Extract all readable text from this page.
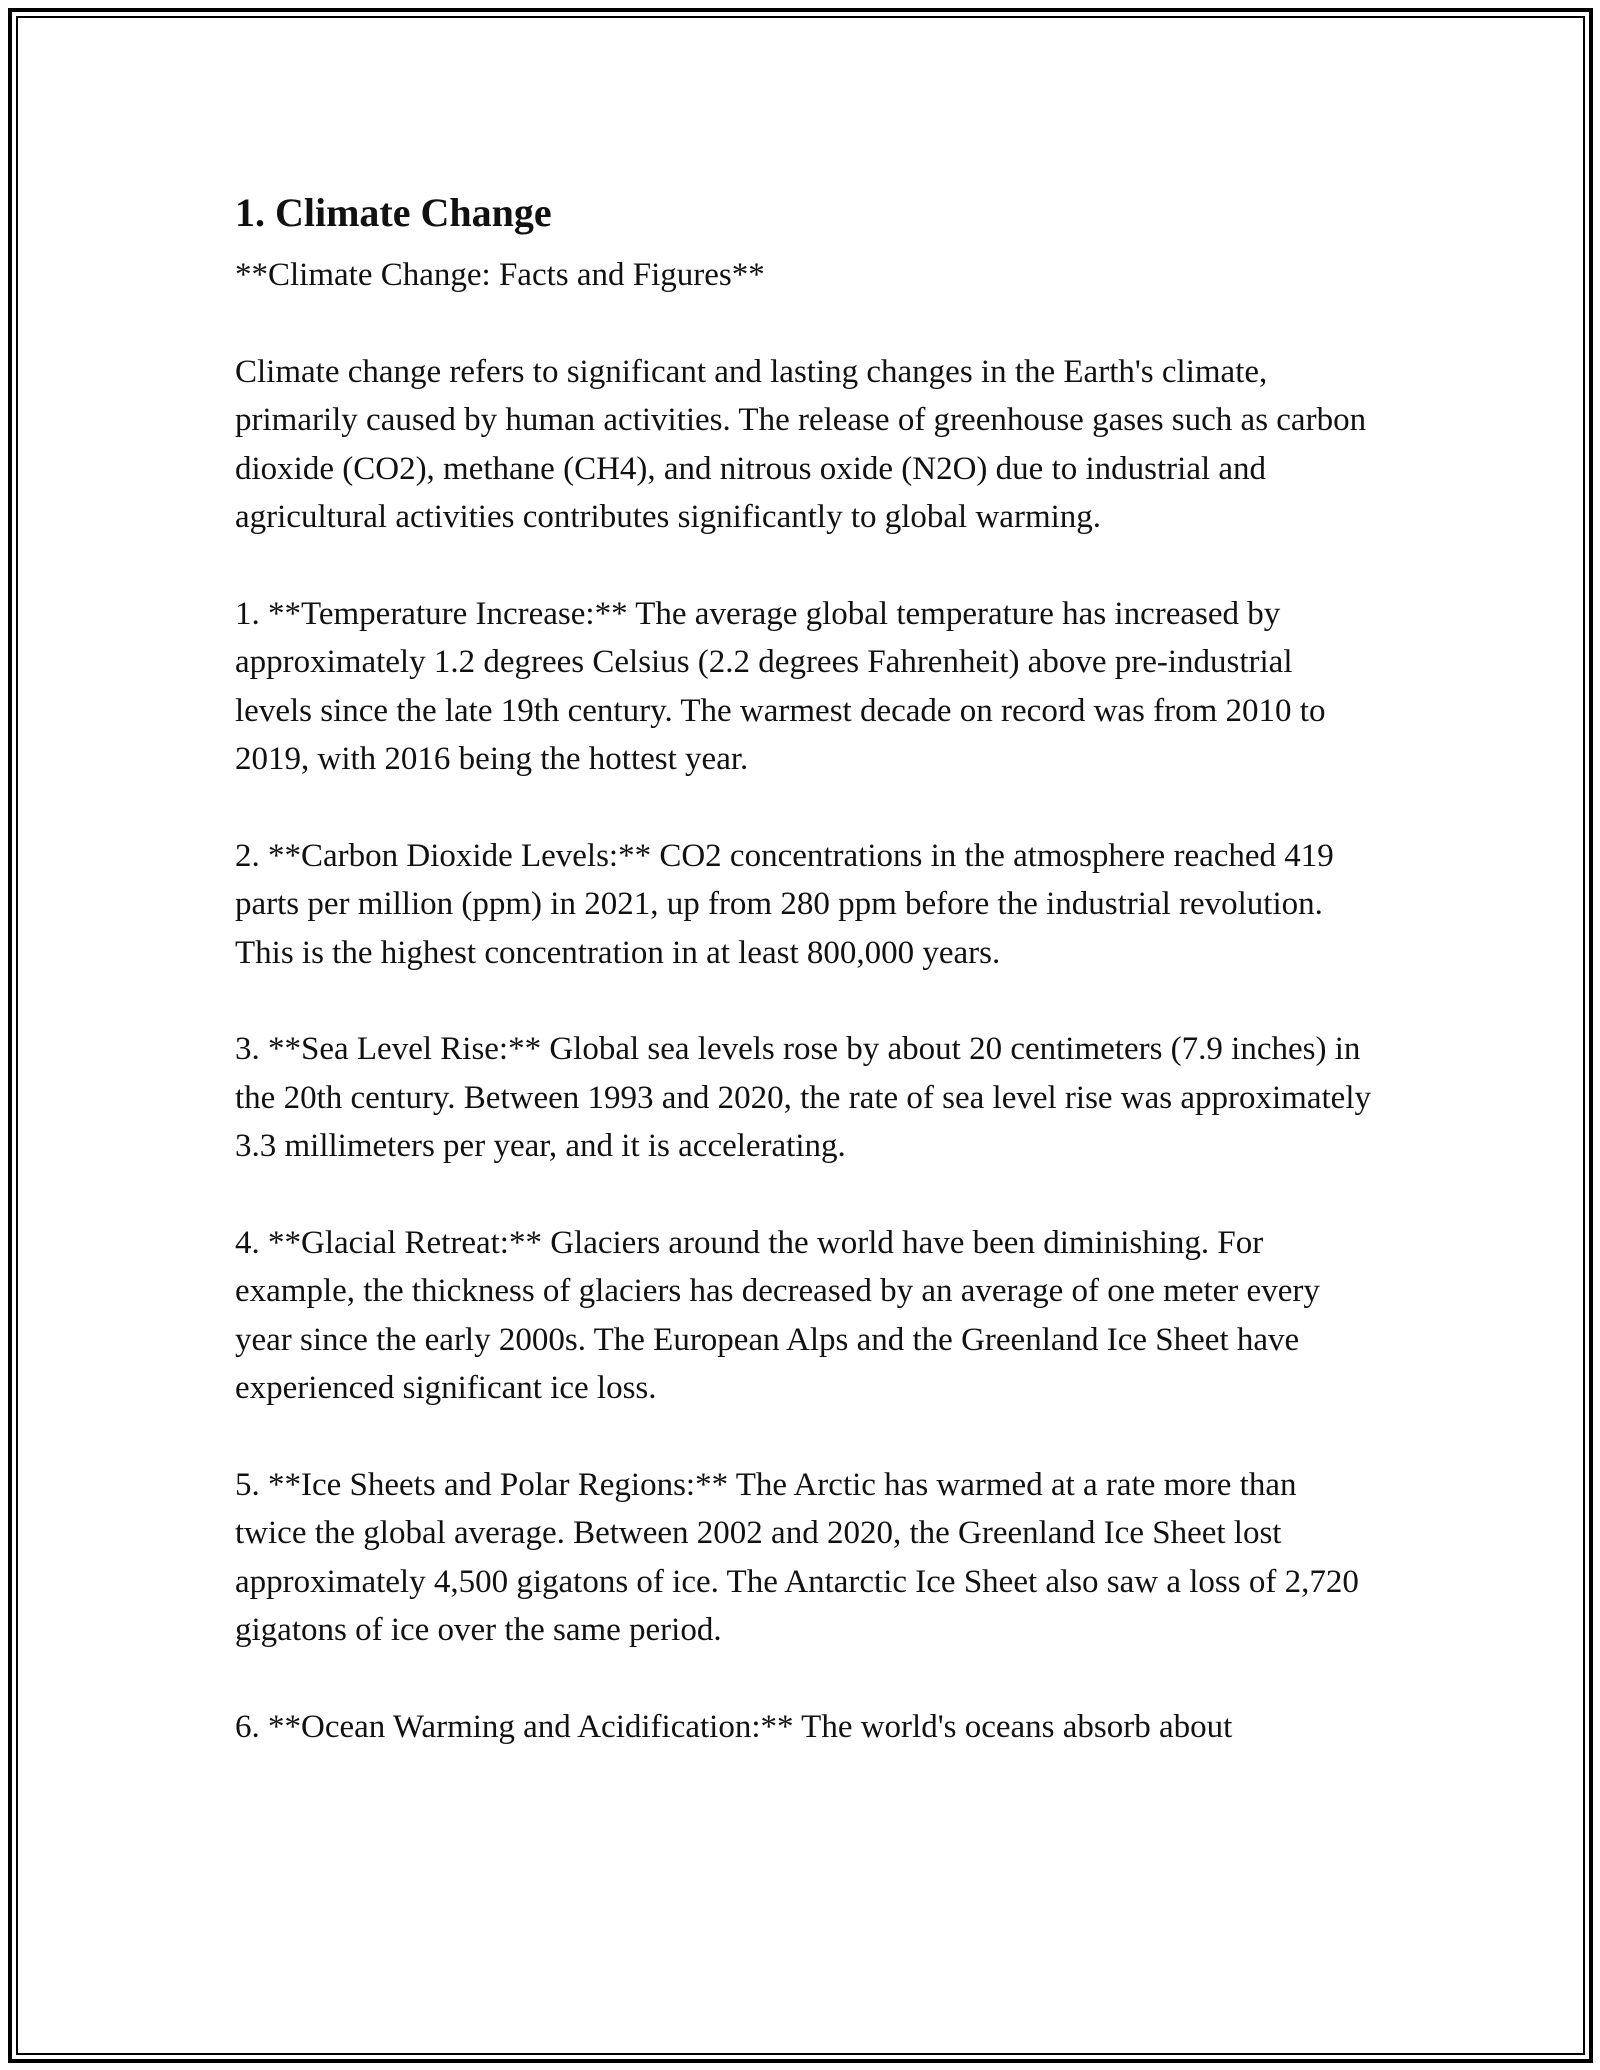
1. Climate Change

**Climate Change: Facts and Figures**

Climate change refers to significant and lasting changes in the Earth's climate, primarily caused by human activities. The release of greenhouse gases such as carbon dioxide (CO2), methane (CH4), and nitrous oxide (N2O) due to industrial and agricultural activities contributes significantly to global warming.

1. **Temperature Increase:** The average global temperature has increased by approximately 1.2 degrees Celsius (2.2 degrees Fahrenheit) above pre-industrial levels since the late 19th century. The warmest decade on record was from 2010 to 2019, with 2016 being the hottest year.

2. **Carbon Dioxide Levels:** CO2 concentrations in the atmosphere reached 419 parts per million (ppm) in 2021, up from 280 ppm before the industrial revolution. This is the highest concentration in at least 800,000 years.

3. **Sea Level Rise:** Global sea levels rose by about 20 centimeters (7.9 inches) in the 20th century. Between 1993 and 2020, the rate of sea level rise was approximately 3.3 millimeters per year, and it is accelerating.

4. **Glacial Retreat:** Glaciers around the world have been diminishing. For example, the thickness of glaciers has decreased by an average of one meter every year since the early 2000s. The European Alps and the Greenland Ice Sheet have experienced significant ice loss.

5. **Ice Sheets and Polar Regions:** The Arctic has warmed at a rate more than twice the global average. Between 2002 and 2020, the Greenland Ice Sheet lost approximately 4,500 gigatons of ice. The Antarctic Ice Sheet also saw a loss of 2,720 gigatons of ice over the same period.

6. **Ocean Warming and Acidification:** The world's oceans absorb about
